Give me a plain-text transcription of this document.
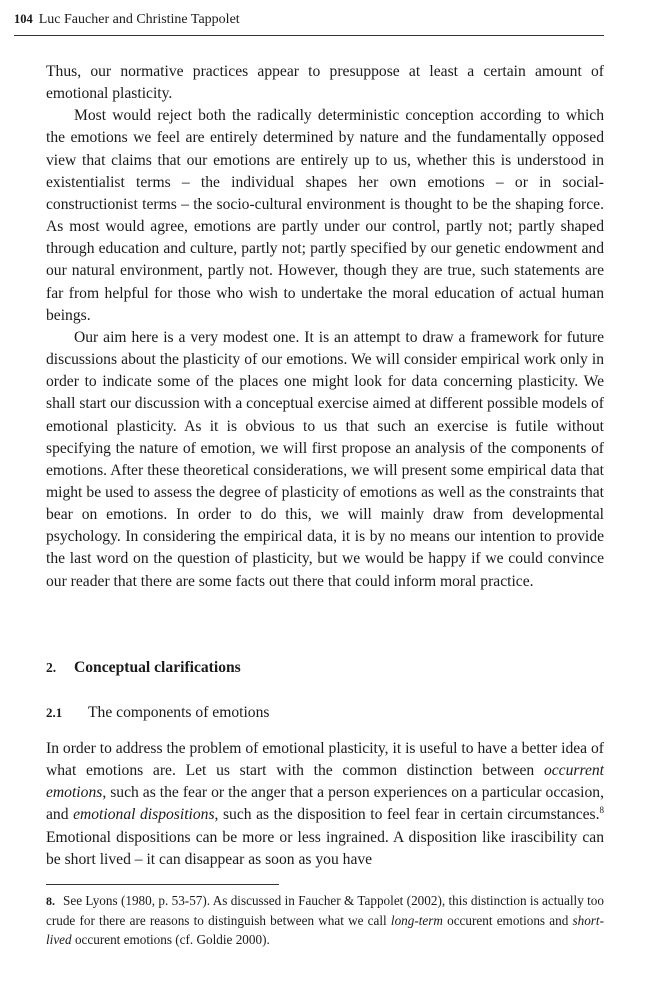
104 Luc Faucher and Christine Tappolet

Thus, our normative practices appear to presuppose at least a certain amount of emotional plasticity.

Most would reject both the radically deterministic conception according to which the emotions we feel are entirely determined by nature and the fundamentally opposed view that claims that our emotions are entirely up to us, whether this is understood in existentialist terms – the individual shapes her own emotions – or in social-constructionist terms – the socio-cultural environment is thought to be the shaping force. As most would agree, emotions are partly under our control, partly not; partly shaped through education and culture, partly not; partly specified by our genetic endowment and our natural environment, partly not. However, though they are true, such statements are far from helpful for those who wish to undertake the moral education of actual human beings.

Our aim here is a very modest one. It is an attempt to draw a framework for future discussions about the plasticity of our emotions. We will consider empirical work only in order to indicate some of the places one might look for data concerning plasticity. We shall start our discussion with a conceptual exercise aimed at different possible models of emotional plasticity. As it is obvious to us that such an exercise is futile without specifying the nature of emotion, we will first propose an analysis of the components of emotions. After these theoretical considerations, we will present some empirical data that might be used to assess the degree of plasticity of emotions as well as the constraints that bear on emotions. In order to do this, we will mainly draw from developmental psychology. In considering the empirical data, it is by no means our intention to provide the last word on the question of plasticity, but we would be happy if we could convince our reader that there are some facts out there that could inform moral practice.

2. Conceptual clarifications
2.1 The components of emotions

In order to address the problem of emotional plasticity, it is useful to have a better idea of what emotions are. Let us start with the common distinction between occurrent emotions, such as the fear or the anger that a person experiences on a particular occasion, and emotional dispositions, such as the disposition to feel fear in certain circumstances.$^8$ Emotional dispositions can be more or less ingrained. A disposition like irascibility can be short lived – it can disappear as soon as you have

8. See Lyons (1980, p. 53-57). As discussed in Faucher & Tappolet (2002), this distinction is actually too crude for there are reasons to distinguish between what we call long-term occurent emotions and short-lived occurent emotions (cf. Goldie 2000).
